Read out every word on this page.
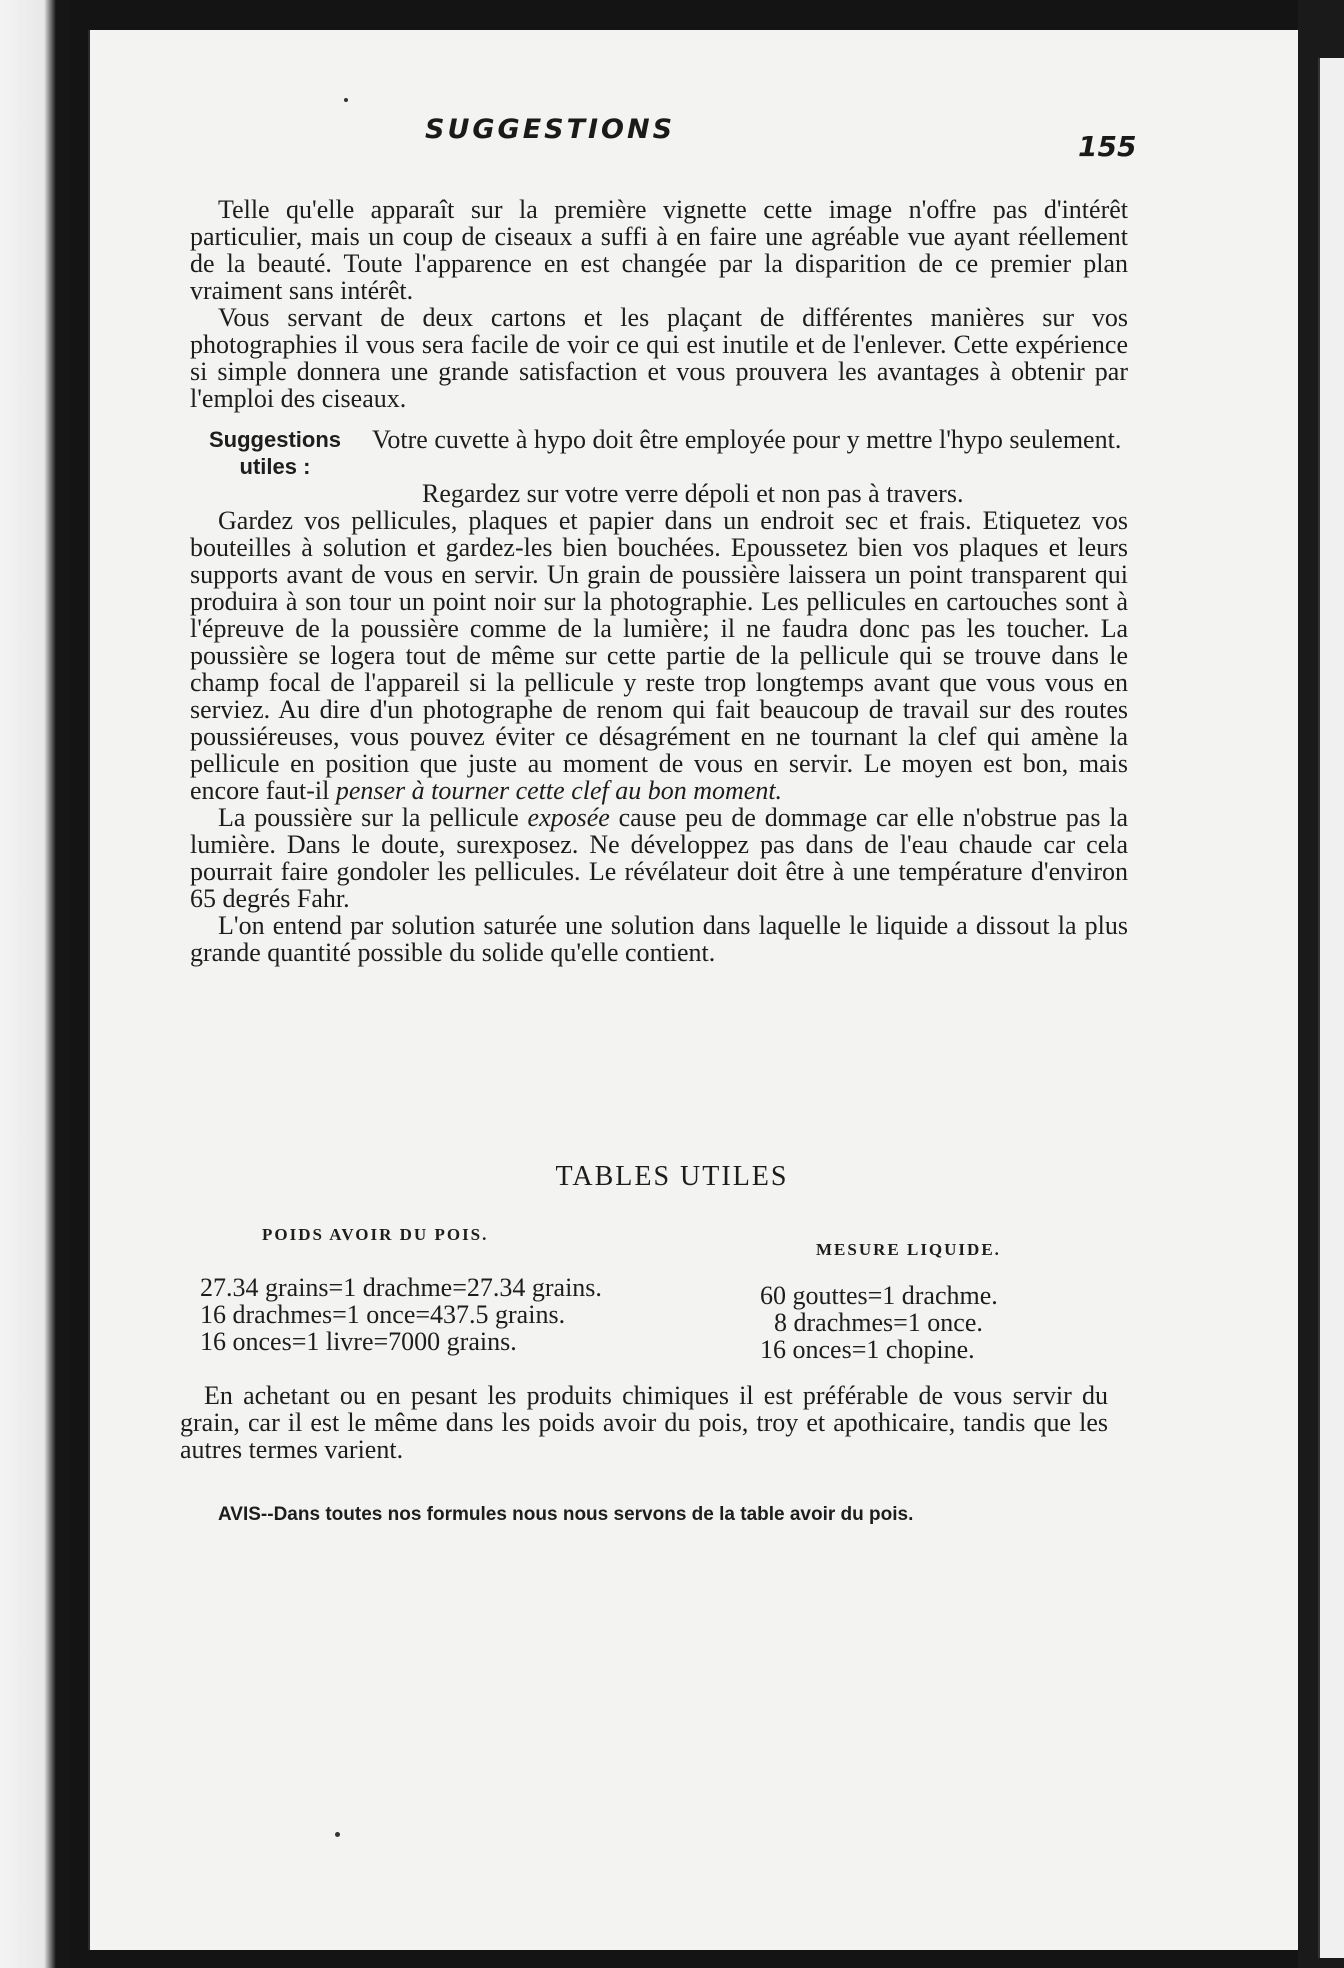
SUGGESTIONS
155

Telle qu'elle apparaît sur la première vignette cette image n'offre pas d'intérêt particulier, mais un coup de ciseaux a suffi à en faire une agréable vue ayant réellement de la beauté. Toute l'apparence en est changée par la disparition de ce premier plan vraiment sans intérêt.

Vous servant de deux cartons et les plaçant de différentes manières sur vos photographies il vous sera facile de voir ce qui est inutile et de l'enlever. Cette expérience si simple donnera une grande satisfaction et vous prouvera les avantages à obtenir par l'emploi des ciseaux.

Suggestions utiles :
Votre cuvette à hypo doit être employée pour y mettre l'hypo seulement.

Regardez sur votre verre dépoli et non pas à travers.

Gardez vos pellicules, plaques et papier dans un endroit sec et frais. Etiquetez vos bouteilles à solution et gardez-les bien bouchées. Epoussetez bien vos plaques et leurs supports avant de vous en servir. Un grain de poussière laissera un point transparent qui produira à son tour un point noir sur la photographie. Les pellicules en cartouches sont à l'épreuve de la poussière comme de la lumière; il ne faudra donc pas les toucher. La poussière se logera tout de même sur cette partie de la pellicule qui se trouve dans le champ focal de l'appareil si la pellicule y reste trop longtemps avant que vous vous en serviez. Au dire d'un photographe de renom qui fait beaucoup de travail sur des routes poussiéreuses, vous pouvez éviter ce désagrément en ne tournant la clef qui amène la pellicule en position que juste au moment de vous en servir. Le moyen est bon, mais encore faut-il penser à tourner cette clef au bon moment.

La poussière sur la pellicule exposée cause peu de dommage car elle n'obstrue pas la lumière. Dans le doute, surexposez. Ne développez pas dans de l'eau chaude car cela pourrait faire gondoler les pellicules. Le révélateur doit être à une température d'environ 65 degrés Fahr.

L'on entend par solution saturée une solution dans laquelle le liquide a dissout la plus grande quantité possible du solide qu'elle contient.

TABLES UTILES
POIDS AVOIR DU POIS.
MESURE LIQUIDE.
27.34 grains=1 drachme=27.34 grains.
16 drachmes=1 once=437.5 grains.
16 onces=1 livre=7000 grains.
60 gouttes=1 drachme.
8 drachmes=1 once.
16 onces=1 chopine.

En achetant ou en pesant les produits chimiques il est préférable de vous servir du grain, car il est le même dans les poids avoir du pois, troy et apothicaire, tandis que les autres termes varient.

AVIS--Dans toutes nos formules nous nous servons de la table avoir du pois.
